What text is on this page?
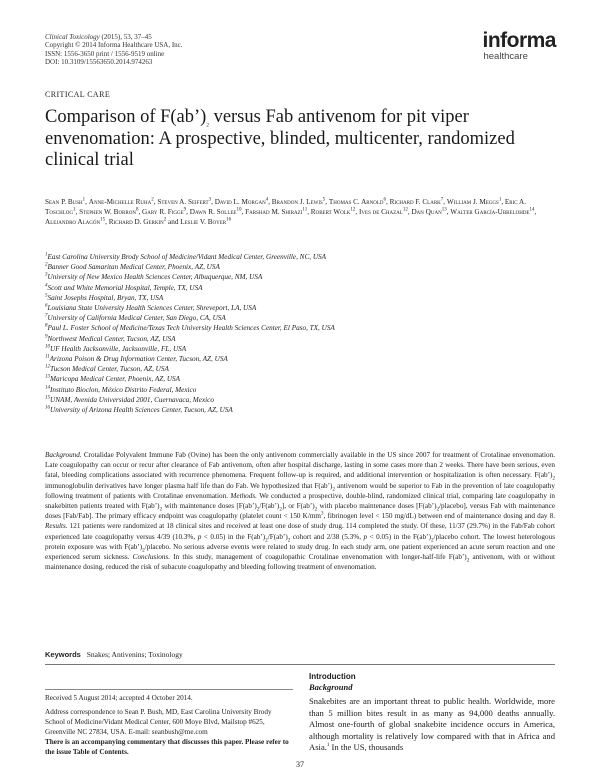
Clinical Toxicology (2015), 53, 37–45
Copyright © 2014 Informa Healthcare USA, Inc.
ISSN: 1556-3650 print / 1556-9519 online
DOI: 10.3109/15563650.2014.974263
informa
healthcare
CRITICAL CARE
Comparison of $F(ab’)_2$ versus Fab antivenom for pit viper envenomation: A prospective, blinded, multicenter, randomized clinical trial
Sean P. Bush$^1$, Anne-Michelle Ruha$^2$, Steven A. Seifert$^3$, David L. Morgan$^4$, Brandon J. Lewis$^5$, Thomas C. Arnold$^6$, Richard F. Clark$^7$, William J. Meggs$^1$, Eric A. Toschlog$^1$, Stephen W. Borron$^8$, Gary R. Figge$^9$, Dawn R. Sollee$^{10}$, Farshad M. Shirazi$^{11}$, Robert Wolk$^{12}$, Ives de Chazal$^{12}$, Dan Quan$^{13}$, Walter García-Ubbelohde$^{14}$, Alejandro Alagón$^{15}$, Richard D. Gerkin$^2$ and Leslie V. Boyer$^{16}$
$^1$East Carolina University Brody School of Medicine/Vidant Medical Center, Greenville, NC, USA
$^2$Banner Good Samaritan Medical Center, Phoenix, AZ, USA
$^3$University of New Mexico Health Sciences Center, Albuquerque, NM, USA
$^4$Scott and White Memorial Hospital, Temple, TX, USA
$^5$Saint Josephs Hospital, Bryan, TX, USA
$^6$Louisiana State University Health Sciences Center, Shreveport, LA, USA
$^7$University of California Medical Center, San Diego, CA, USA
$^8$Paul L. Foster School of Medicine/Texas Tech University Health Sciences Center, El Paso, TX, USA
$^9$Northwest Medical Center, Tucson, AZ, USA
$^{10}$UF Health Jacksonville, Jacksonville, FL, USA
$^{11}$Arizona Poison & Drug Information Center, Tucson, AZ, USA
$^{12}$Tucson Medical Center, Tucson, AZ, USA
$^{13}$Maricopa Medical Center, Phoenix, AZ, USA
$^{14}$Instituto Bioclon, México Distrito Federal, Mexico
$^{15}$UNAM, Avenida Universidad 2001, Cuernavaca, Mexico
$^{16}$University of Arizona Health Sciences Center, Tucson, AZ, USA
Background. Crotalidae Polyvalent Immune Fab (Ovine) has been the only antivenom commercially available in the US since 2007 for treatment of Crotalinae envenomation. Late coagulopathy can occur or recur after clearance of Fab antivenom, often after hospital discharge, lasting in some cases more than 2 weeks. There have been serious, even fatal, bleeding complications associated with recurrence phenomena. Frequent follow-up is required, and additional intervention or hospitalization is often necessary. $F(ab’)_2$ immunoglobulin derivatives have longer plasma half life than do Fab. We hypothesized that $F(ab’)_2$ antivenom would be superior to Fab in the prevention of late coagulopathy following treatment of patients with Crotalinae envenomation. Methods. We conducted a prospective, double-blind, randomized clinical trial, comparing late coagulopathy in snakebitten patients treated with $F(ab’)_2$ with maintenance doses $[F(ab’)_2/F(ab’)_2]$, or $F(ab’)_2$ with placebo maintenance doses $[F(ab’)_2/placebo]$, versus Fab with maintenance doses [Fab/Fab]. The primary efficacy endpoint was coagulopathy (platelet count < 150 $K/mm^3$, fibrinogen level < 150 mg/dL) between end of maintenance dosing and day 8. Results. 121 patients were randomized at 18 clinical sites and received at least one dose of study drug. 114 completed the study. Of these, 11/37 (29.7%) in the Fab/Fab cohort experienced late coagulopathy versus 4/39 (10.3%, p < 0.05) in the $F(ab’)_2/F(ab’)_2$ cohort and 2/38 (5.3%, p < 0.05) in the $F(ab’)_2$/placebo cohort. The lowest heterologous protein exposure was with $F(ab’)_2$/placebo. No serious adverse events were related to study drug. In each study arm, one patient experienced an acute serum reaction and one experienced serum sickness. Conclusions. In this study, management of coagulopathic Crotalinae envenomation with longer-half-life $F(ab’)_2$ antivenom, with or without maintenance dosing, reduced the risk of subacute coagulopathy and bleeding following treatment of envenomation.
Keywords Snakes; Antivenins; Toxinology
Received 5 August 2014; accepted 4 October 2014.
Address correspondence to Sean P. Bush, MD, East Carolina University Brody School of Medicine/Vidant Medical Center, 600 Moye Blvd, Mailstop #625, Greenville NC 27834, USA. E-mail: seanbush@me.com
There is an accompanying commentary that discusses this paper. Please refer to the issue Table of Contents.
Introduction
Background
Snakebites are an important threat to public health. Worldwide, more than 5 million bites result in as many as 94,000 deaths annually. Almost one-fourth of global snakebite incidence occurs in America, although mortality is relatively low compared with that in Africa and Asia.$^1$ In the US, thousands
37
